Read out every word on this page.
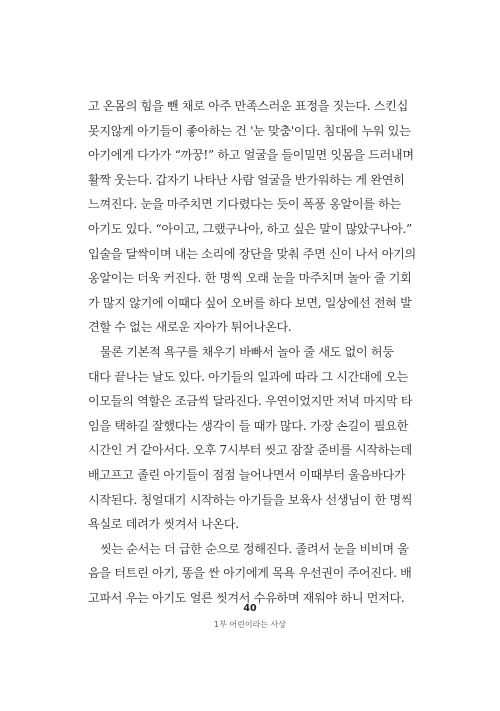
고 온몸의 힘을 뺀 채로 아주 만족스러운 표정을 짓는다. 스킨십
못지않게 아기들이 좋아하는 건 '눈 맞춤'이다. 침대에 누워 있는
아기에게 다가가 “까꿍!” 하고 얼굴을 들이밀면 잇몸을 드러내며
활짝 웃는다. 갑자기 나타난 사람 얼굴을 반가워하는 게 완연히
느껴진다. 눈을 마주치면 기다렸다는 듯이 폭풍 옹알이를 하는
아기도 있다. “아이고, 그랬구나아, 하고 싶은 말이 많았구나아.”
입술을 달싹이며 내는 소리에 장단을 맞춰 주면 신이 나서 아기의
옹알이는 더욱 커진다. 한 명씩 오래 눈을 마주치며 놀아 줄 기회
가 많지 않기에 이때다 싶어 오버를 하다 보면, 일상에선 전혀 발
견할 수 없는 새로운 자아가 튀어나온다.
물론 기본적 욕구를 채우기 바빠서 놀아 줄 새도 없이 허둥
대다 끝나는 날도 있다. 아기들의 일과에 따라 그 시간대에 오는
이모들의 역할은 조금씩 달라진다. 우연이었지만 저녁 마지막 타
임을 택하길 잘했다는 생각이 들 때가 많다. 가장 손길이 필요한
시간인 거 같아서다. 오후 7시부터 씻고 잠잘 준비를 시작하는데
배고프고 졸린 아기들이 점점 늘어나면서 이때부터 울음바다가
시작된다. 칭얼대기 시작하는 아기들을 보육사 선생님이 한 명씩
욕실로 데려가 씻겨서 나온다.
씻는 순서는 더 급한 순으로 정해진다. 졸려서 눈을 비비며 울
음을 터트린 아기, 똥을 싼 아기에게 목욕 우선권이 주어진다. 배
고파서 우는 아기도 얼른 씻겨서 수유하며 재워야 하니 먼저다.
40
1부 어린이라는 사상
